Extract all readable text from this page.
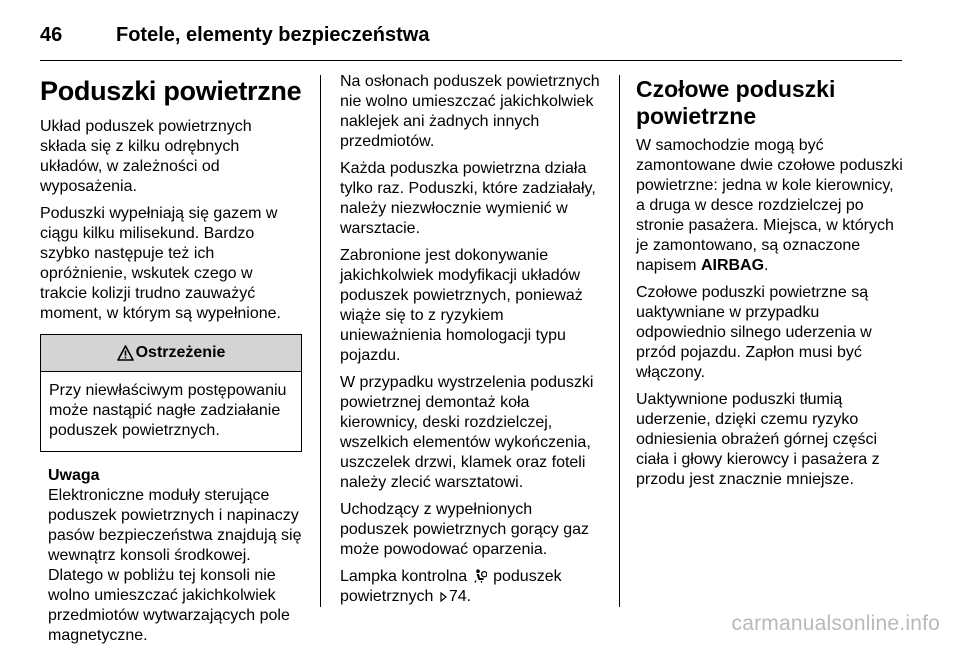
46	Fotele, elementy bezpieczeństwa
Poduszki powietrzne

Układ poduszek powietrznych składa się z kilku odrębnych układów, w zależności od wyposażenia.

Poduszki wypełniają się gazem w ciągu kilku milisekund. Bardzo szybko następuje też ich opróżnienie, wskutek czego w trakcie kolizji trudno zauważyć moment, w którym są wypełnione.

Ostrzeżenie
Przy niewłaściwym postępowaniu może nastąpić nagłe zadziałanie poduszek powietrznych.
Uwaga
Elektroniczne moduły sterujące poduszek powietrznych i napinaczy pasów bezpieczeństwa znajdują się wewnątrz konsoli środkowej. Dlatego w pobliżu tej konsoli nie wolno umieszczać jakichkolwiek przedmiotów wytwarzających pole magnetyczne.

Na osłonach poduszek powietrznych nie wolno umieszczać jakichkolwiek naklejek ani żadnych innych przedmiotów.

Każda poduszka powietrzna działa tylko raz. Poduszki, które zadziałały, należy niezwłocznie wymienić w warsztacie.

Zabronione jest dokonywanie jakichkolwiek modyfikacji układów poduszek powietrznych, ponieważ wiąże się to z ryzykiem unieważnienia homologacji typu pojazdu.

W przypadku wystrzelenia poduszki powietrznej demontaż koła kierownicy, deski rozdzielczej, wszelkich elementów wykończenia, uszczelek drzwi, klamek oraz foteli należy zlecić warsztatowi.

Uchodzący z wypełnionych poduszek powietrznych gorący gaz może powodować oparzenia.

Lampka kontrolna poduszek powietrznych 74.

Czołowe poduszki powietrzne

W samochodzie mogą być zamontowane dwie czołowe poduszki powietrzne: jedna w kole kierownicy, a druga w desce rozdzielczej po stronie pasażera. Miejsca, w których je zamontowano, są oznaczone napisem AIRBAG.

Czołowe poduszki powietrzne są uaktywniane w przypadku odpowiednio silnego uderzenia w przód pojazdu. Zapłon musi być włączony.

Uaktywnione poduszki tłumią uderzenie, dzięki czemu ryzyko odniesienia obrażeń górnej części ciała i głowy kierowcy i pasażera z przodu jest znacznie mniejsze.

carmanualsonline.info
